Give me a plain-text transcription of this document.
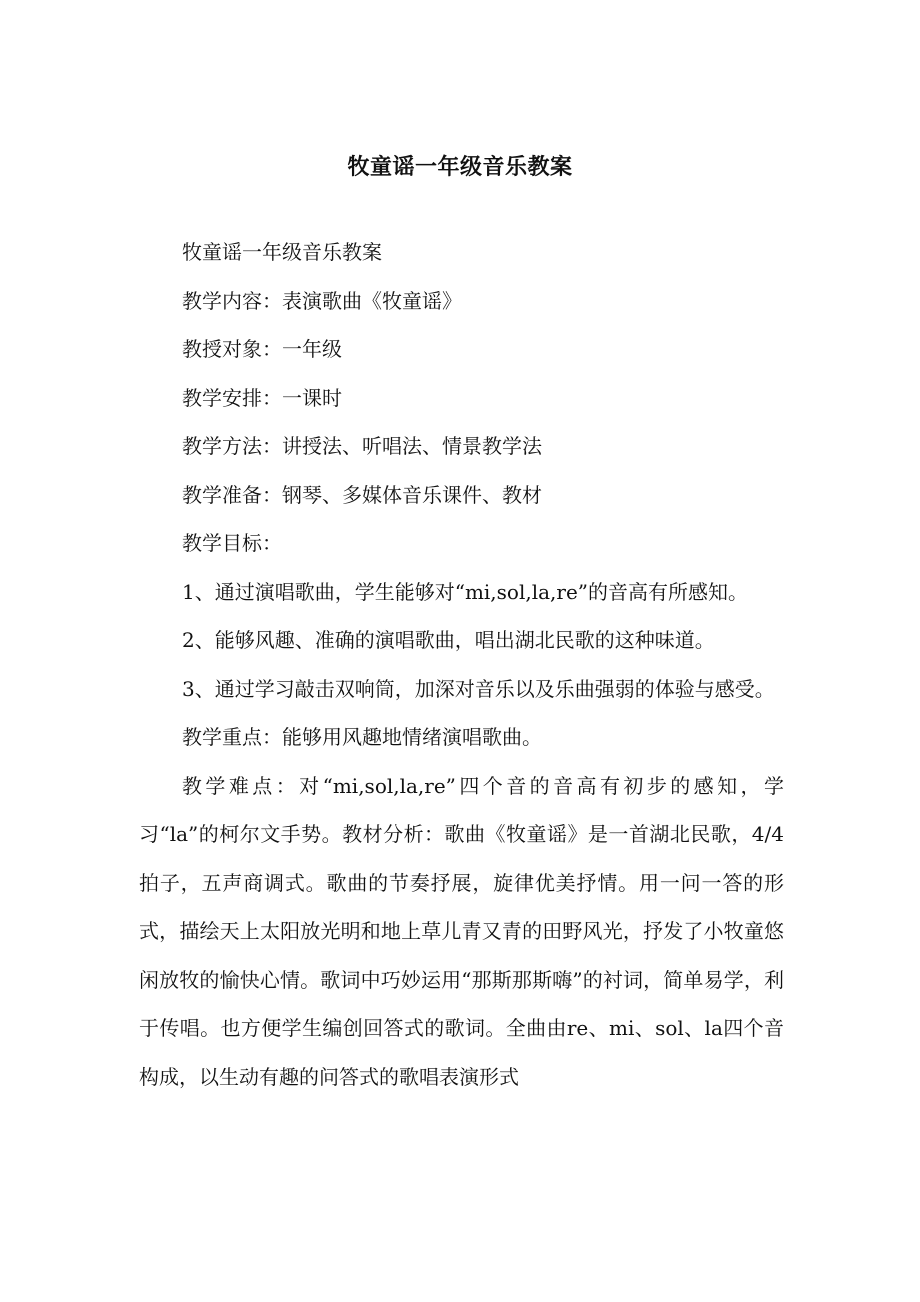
牧童谣一年级音乐教案

牧童谣一年级音乐教案

教学内容：表演歌曲《牧童谣》

教授对象：一年级

教学安排：一课时

教学方法：讲授法、听唱法、情景教学法

教学准备：钢琴、多媒体音乐课件、教材

教学目标：

1、通过演唱歌曲，学生能够对“mi,sol,la,re”的音高有所感知。

2、能够风趣、准确的演唱歌曲，唱出湖北民歌的这种味道。

3、通过学习敲击双响筒，加深对音乐以及乐曲强弱的体验与感受。

教学重点：能够用风趣地情绪演唱歌曲。

教学难点：对“mi,sol,la,re”四个音的音高有初步的感知，学习“la”的柯尔文手势。教材分析：歌曲《牧童谣》是一首湖北民歌，4/4拍子，五声商调式。歌曲的节奏抒展，旋律优美抒情。用一问一答的形式，描绘天上太阳放光明和地上草儿青又青的田野风光，抒发了小牧童悠闲放牧的愉快心情。歌词中巧妙运用“那斯那斯嗨”的衬词，简单易学，利于传唱。也方便学生编创回答式的歌词。全曲由re、mi、sol、la四个音构成，以生动有趣的问答式的歌唱表演形式
